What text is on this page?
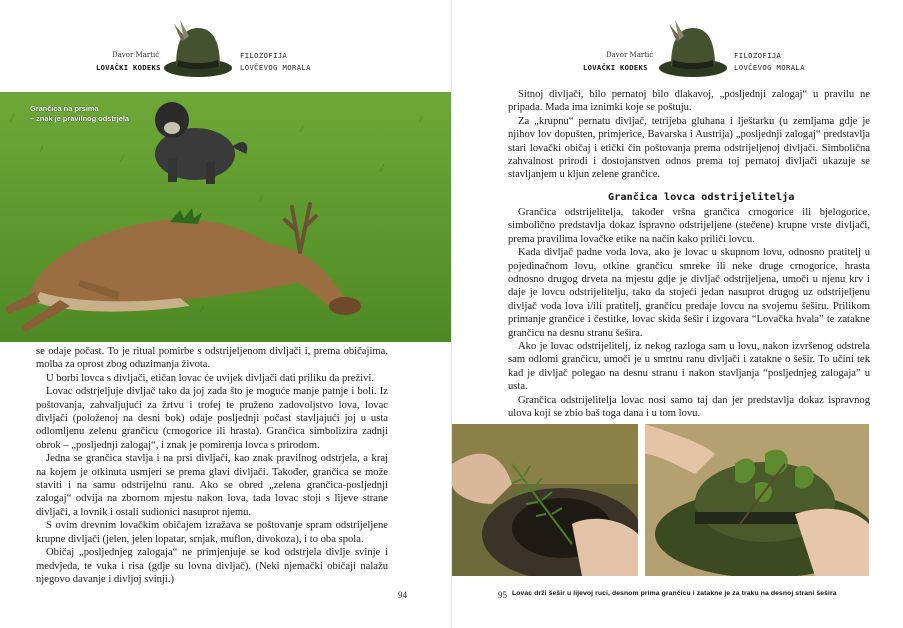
Davor Martić
LOVAČKI KODEKS
FILOZOFIJA
LOVČEVOG MORALA
Grančica na prsima
– znak je pravilnog odstrjela

se odaje počast. To je ritual pomirbe s odstrijeljenom divljači i, prema običajima, molba za oprost zbog oduzimanja života.

U borbi lovca s divljači, etičan lovac će uvijek divljači dati priliku da preživi.

Lovac odstrjeljuje divljač tako da joj zada što je moguće manje patnje i boli. Iz poštovanja, zahvaljujući za žrtvu i trofej te pruženo zadovoljstvo lova, lovac divljači (položenoj na desni bok) odaje posljednji počast stavljajući joj u usta odlomljenu zelenu grančicu (crnogorice ili hrasta). Grančica simbolizira zadnji obrok – „posljednji zalogaj“, i znak je pomirenja lovca s prirodom.

Jedna se grančica stavlja i na prsi divljači, kao znak pravilnog odstrjela, a kraj na kojem je otkinuta usmjeri se prema glavi divljači. Također, grančica se može staviti i na samu odstrijelnu ranu. Ako se obred „zelena grančica-posljednji zalogaj“ odvija na zbornom mjestu nakon lova, tada lovac stoji s lijeve strane divljači, a lovnik i ostali sudionici nasuprot njemu.

S ovim drevnim lovačkim običajem izražava se poštovanje spram odstrijeljene krupne divljači (jelen, jelen lopatar, srnjak, muflon, divokoza), i to oba spola.

Običaj „posljednjeg zalogaja“ ne primjenjuje se kod odstrjela divlje svinje i medvjeda, te vuka i risa (gdje su lovna divljač). (Neki njemački običaji nalažu njegovo davanje i divljoj svinji.)

94
Davor Martić
LOVAČKI KODEKS
FILOZOFIJA
LOVČEVOG MORALA

Sitnoj divljači, bilo pernatoj bilo dlakavoj, „posljednji zalogaj“ u pravilu ne pripada. Mada ima iznimki koje se poštuju.

Za „krupnu“ pernatu divljač, tetrijeba gluhana i lještarku (u zemljama gdje je njihov lov dopušten, primjerice, Bavarska i Austrija) „posljednji zalogaj“ predstavlja stari lovački običaj i etički čin poštovanja prema odstrijeljenoj divljači. Simbolična zahvalnost prirodi i dostojanstven odnos prema toj pernatoj divljači ukazuje se stavljanjem u kljun zelene grančice.

Grančica lovca odstrijelitelja

Grančica odstrijelitelja, također vršna grančica crnogorice ili bjelogorice, simbolično predstavlja dokaz ispravno odstrijeljene (stečene) krupne vrste divljači, prema pravilima lovačke etike na način kako priliči lovcu.

Kada divljač padne voda lova, ako je lovac u skupnom lovu, odnosno pratitelj u pojedinačnom lovu, otkine grančicu smreke ili neke druge crnogorice, hrasta odnosno drugog drveta na mjestu gdje je divljač odstrijeljena, umoči u njenu krv i daje je lovcu odstrijelitelju, tako da stojeći jedan nasuprot drugog uz odstrijeljenu divljač voda lova i/ili pratitelj, grančicu predaje lovcu na svojemu šeširu. Prilikom primanje grančice i čestitke, lovac skida šešir i izgovara “Lovačka hvala” te zatakne grančicu na desnu stranu šešira.

Ako je lovac odstrijelitelj, iz nekog razloga sam u lovu, nakon izvršenog odstrela sam odlomi grančicu, umoči je u smrtnu ranu divljači i zatakne o šešir. To učini tek kad je divljač polegao na desnu stranu i nakon stavljanja “posljednjeg zalogaja” u usta.

Grančica odstrijelitelja lovac nosi samo taj dan jer predstavlja dokaz ispravnog ulova koji se zbio baš toga dana i u tom lovu.

95 Lovac drži šešir u lijevoj ruci, desnom prima grančicu i zatakne je za traku na desnoj strani šešira
